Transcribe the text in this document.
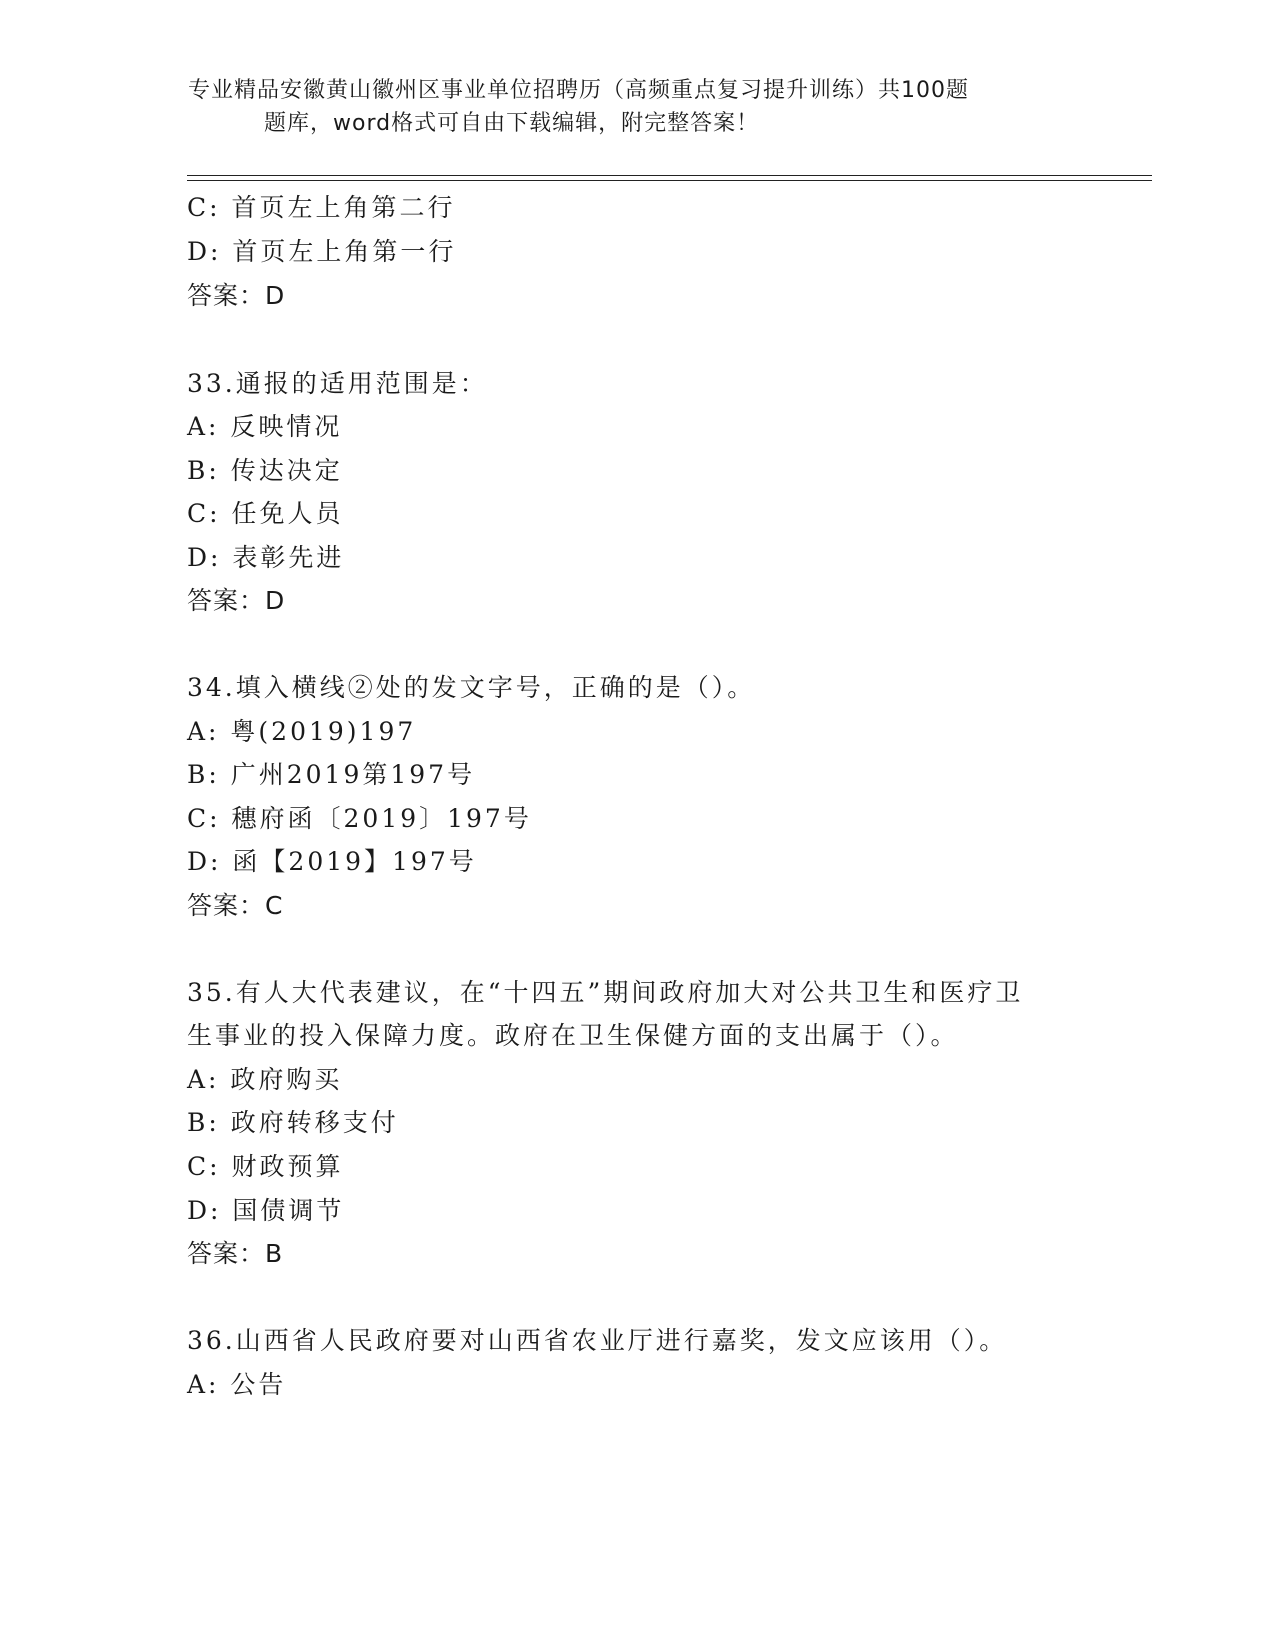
专业精品安徽黄山徽州区事业单位招聘历（高频重点复习提升训练）共100题
题库，word格式可自由下载编辑，附完整答案！
C: 首页左上角第二行
D: 首页左上角第一行
答案：D
33.通报的适用范围是：
A: 反映情况
B: 传达决定
C: 任免人员
D: 表彰先进
答案：D
34.填入横线②处的发文字号，正确的是（）。
A: 粤(2019)197
B: 广州2019第197号
C: 穗府函〔2019〕197号
D: 函【2019】197号
答案：C
35.有人大代表建议，在“十四五”期间政府加大对公共卫生和医疗卫
生事业的投入保障力度。政府在卫生保健方面的支出属于（）。
A: 政府购买
B: 政府转移支付
C: 财政预算
D: 国债调节
答案：B
36.山西省人民政府要对山西省农业厅进行嘉奖，发文应该用（）。
A: 公告
